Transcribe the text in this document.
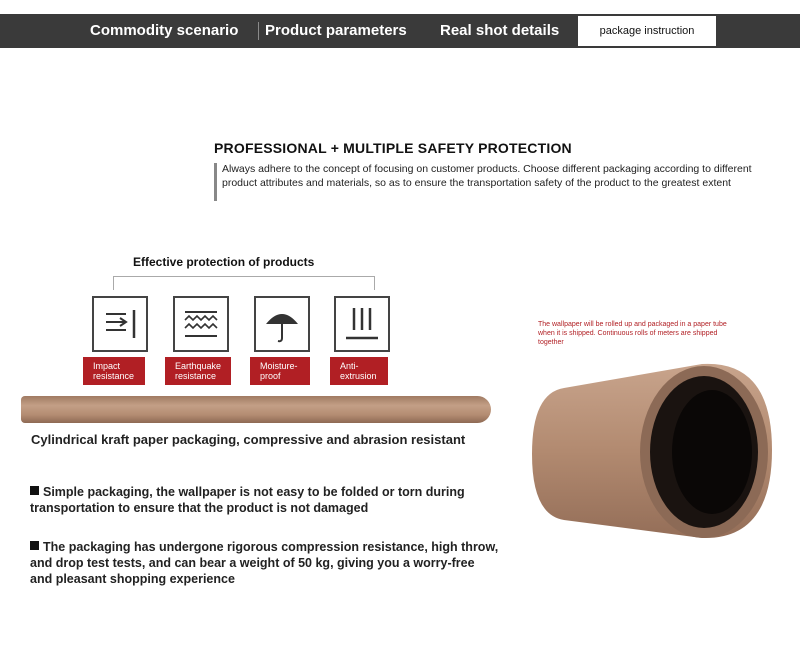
Commodity scenario Product parameters Real shot details	package instruction
PROFESSIONAL + MULTIPLE SAFETY PROTECTION
Always adhere to the concept of focusing on customer products. Choose different packaging according to different product attributes and materials, so as to ensure the transportation safety of the product to the greatest extent
Effective protection of products
Impact resistance
Earthquake resistance
Moisture-proof
Anti-extrusion
Cylindrical kraft paper packaging, compressive and abrasion resistant
Simple packaging, the wallpaper is not easy to be folded or torn during transportation to ensure that the product is not damaged
The packaging has undergone rigorous compression resistance, high throw, and drop test tests, and can bear a weight of 50 kg, giving you a worry-free and pleasant shopping experience
The wallpaper will be rolled up and packaged in a paper tube when it is shipped. Continuous rolls of meters are shipped together
